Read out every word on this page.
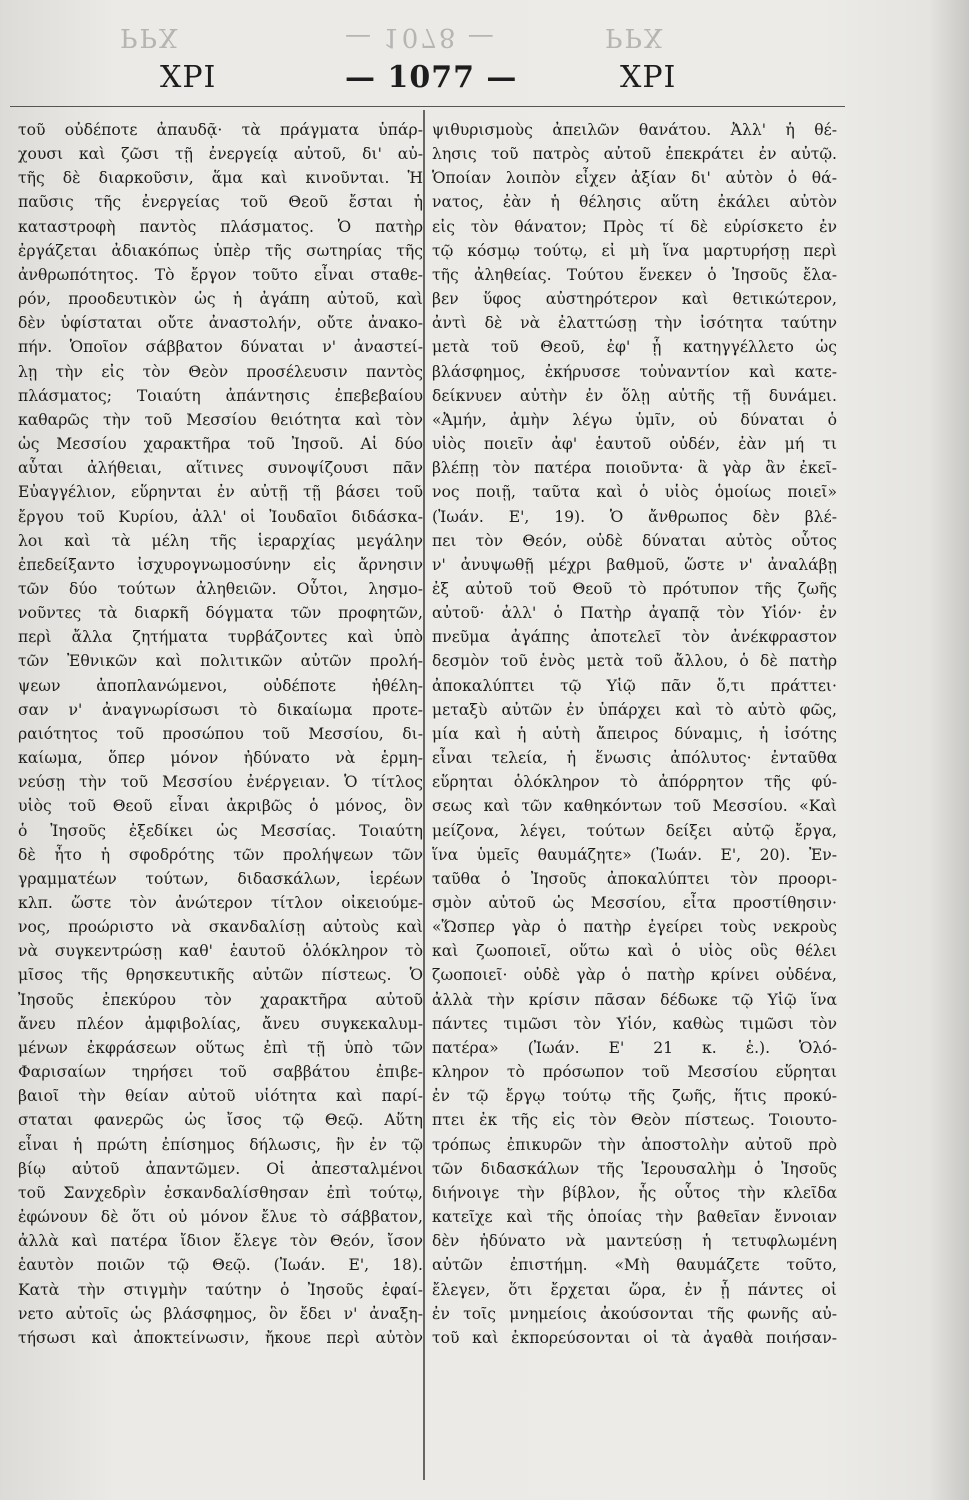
ΡΡΧ	— 1078 —	ΡΡΧ
ΧΡΙ	— 1077 —	ΧΡΙ
τοῦ οὐδέποτε ἀπαυδᾷ· τὰ πράγματα ὑπάρ-
χουσι καὶ ζῶσι τῇ ἐνεργείᾳ αὐτοῦ, δι' αὐ-
τῆς δὲ διαρκοῦσιν, ἅμα καὶ κινοῦνται. Ἡ
παῦσις τῆς ἐνεργείας τοῦ Θεοῦ ἔσται ἡ
καταστροφὴ παντὸς πλάσματος. Ὁ πατὴρ
ἐργάζεται ἀδιακόπως ὑπὲρ τῆς σωτηρίας τῆς
ἀνθρωπότητος. Τὸ ἔργον τοῦτο εἶναι σταθε-
ρόν, προοδευτικὸν ὡς ἡ ἀγάπη αὐτοῦ, καὶ
δὲν ὑφίσταται οὔτε ἀναστολήν, οὔτε ἀνακο-
πήν. Ὁποῖον σάββατον δύναται ν' ἀναστεί-
λῃ τὴν εἰς τὸν Θεὸν προσέλευσιν παντὸς
πλάσματος; Τοιαύτη ἀπάντησις ἐπεβεβαίου
καθαρῶς τὴν τοῦ Μεσσίου θειότητα καὶ τὸν
ὡς Μεσσίου χαρακτῆρα τοῦ Ἰησοῦ. Αἱ δύο
αὗται ἀλήθειαι, αἵτινες συνοψίζουσι πᾶν
Εὐαγγέλιον, εὕρηνται ἐν αὐτῇ τῇ βάσει τοῦ
ἔργου τοῦ Κυρίου, ἀλλ' οἱ Ἰουδαῖοι διδάσκα-
λοι καὶ τὰ μέλη τῆς ἱεραρχίας μεγάλην
ἐπεδείξαντο ἰσχυρογνωμοσύνην εἰς ἄρνησιν
τῶν δύο τούτων ἀληθειῶν. Οὗτοι, λησμο-
νοῦντες τὰ διαρκῆ δόγματα τῶν προφητῶν,
περὶ ἄλλα ζητήματα τυρβάζοντες καὶ ὑπὸ
τῶν Ἐθνικῶν καὶ πολιτικῶν αὐτῶν προλή-
ψεων ἀποπλανώμενοι, οὐδέποτε ἠθέλη-
σαν ν' ἀναγνωρίσωσι τὸ δικαίωμα προτε-
ραιότητος τοῦ προσώπου τοῦ Μεσσίου, δι-
καίωμα, ὅπερ μόνον ἠδύνατο νὰ ἑρμη-
νεύσῃ τὴν τοῦ Μεσσίου ἐνέργειαν. Ὁ τίτλος
υἱὸς τοῦ Θεοῦ εἶναι ἀκριβῶς ὁ μόνος, ὃν
ὁ Ἰησοῦς ἐξεδίκει ὡς Μεσσίας. Τοιαύτη
δὲ ἦτο ἡ σφοδρότης τῶν προλήψεων τῶν
γραμματέων τούτων, διδασκάλων, ἱερέων
κλπ. ὥστε τὸν ἀνώτερον τίτλον οἰκειούμε-
νος, προώριστο νὰ σκανδαλίσῃ αὐτοὺς καὶ
νὰ συγκεντρώσῃ καθ' ἑαυτοῦ ὁλόκληρον τὸ
μῖσος τῆς θρησκευτικῆς αὐτῶν πίστεως. Ὁ
Ἰησοῦς ἐπεκύρου τὸν χαρακτῆρα αὐτοῦ
ἄνευ πλέον ἀμφιβολίας, ἄνευ συγκεκαλυμ-
μένων ἐκφράσεων οὕτως ἐπὶ τῇ ὑπὸ τῶν
Φαρισαίων τηρήσει τοῦ σαββάτου ἐπιβε-
βαιοῖ τὴν θείαν αὐτοῦ υἱότητα καὶ παρί-
σταται φανερῶς ὡς ἴσος τῷ Θεῷ. Αὕτη
εἶναι ἡ πρώτη ἐπίσημος δήλωσις, ἣν ἐν τῷ
βίῳ αὐτοῦ ἀπαντῶμεν. Οἱ ἀπεσταλμένοι
τοῦ Σανχεδρὶν ἐσκανδαλίσθησαν ἐπὶ τούτῳ,
ἐφώνουν δὲ ὅτι οὐ μόνον ἔλυε τὸ σάββατον,
ἀλλὰ καὶ πατέρα ἴδιον ἔλεγε τὸν Θεόν, ἴσον
ἑαυτὸν ποιῶν τῷ Θεῷ. (Ἰωάν. Ε', 18).
Κατὰ τὴν στιγμὴν ταύτην ὁ Ἰησοῦς ἐφαί-
νετο αὐτοῖς ὡς βλάσφημος, ὃν ἔδει ν' ἀναξη-
τήσωσι καὶ ἀποκτείνωσιν, ἤκουε περὶ αὐτὸν
ψιθυρισμοὺς ἀπειλῶν θανάτου. Ἀλλ' ἡ θέ-
λησις τοῦ πατρὸς αὐτοῦ ἐπεκράτει ἐν αὐτῷ.
Ὁποίαν λοιπὸν εἶχεν ἀξίαν δι' αὐτὸν ὁ θά-
νατος, ἐὰν ἡ θέλησις αὕτη ἐκάλει αὐτὸν
εἰς τὸν θάνατον; Πρὸς τί δὲ εὑρίσκετο ἐν
τῷ κόσμῳ τούτῳ, εἰ μὴ ἵνα μαρτυρήσῃ περὶ
τῆς ἀληθείας. Τούτου ἕνεκεν ὁ Ἰησοῦς ἔλα-
βεν ὕφος αὐστηρότερον καὶ θετικώτερον,
ἀντὶ δὲ νὰ ἐλαττώσῃ τὴν ἰσότητα ταύτην
μετὰ τοῦ Θεοῦ, ἐφ' ᾗ κατηγγέλλετο ὡς
βλάσφημος, ἐκήρυσσε τοὐναντίον καὶ κατε-
δείκνυεν αὐτὴν ἐν ὅλῃ αὐτῆς τῇ δυνάμει.
«Ἀμήν, ἀμὴν λέγω ὑμῖν, οὐ δύναται ὁ
υἱὸς ποιεῖν ἀφ' ἑαυτοῦ οὐδέν, ἐὰν μή τι
βλέπῃ τὸν πατέρα ποιοῦντα· ἃ γὰρ ἂν ἐκεῖ-
νος ποιῇ, ταῦτα καὶ ὁ υἱὸς ὁμοίως ποιεῖ»
(Ἰωάν. Ε', 19). Ὁ ἄνθρωπος δὲν βλέ-
πει τὸν Θεόν, οὐδὲ δύναται αὐτὸς οὗτος
ν' ἀνυψωθῇ μέχρι βαθμοῦ, ὥστε ν' ἀναλάβῃ
ἐξ αὐτοῦ τοῦ Θεοῦ τὸ πρότυπον τῆς ζωῆς
αὐτοῦ· ἀλλ' ὁ Πατὴρ ἀγαπᾷ τὸν Υἱόν· ἐν
πνεῦμα ἀγάπης ἀποτελεῖ τὸν ἀνέκφραστον
δεσμὸν τοῦ ἑνὸς μετὰ τοῦ ἄλλου, ὁ δὲ πατὴρ
ἀποκαλύπτει τῷ Υἱῷ πᾶν ὅ,τι πράττει·
μεταξὺ αὐτῶν ἐν ὑπάρχει καὶ τὸ αὐτὸ φῶς,
μία καὶ ἡ αὐτὴ ἄπειρος δύναμις, ἡ ἰσότης
εἶναι τελεία, ἡ ἕνωσις ἀπόλυτος· ἐνταῦθα
εὕρηται ὁλόκληρον τὸ ἀπόρρητον τῆς φύ-
σεως καὶ τῶν καθηκόντων τοῦ Μεσσίου. «Καὶ
μείζονα, λέγει, τούτων δείξει αὐτῷ ἔργα,
ἵνα ὑμεῖς θαυμάζητε» (Ἰωάν. Ε', 20). Ἐν-
ταῦθα ὁ Ἰησοῦς ἀποκαλύπτει τὸν προορι-
σμὸν αὐτοῦ ὡς Μεσσίου, εἶτα προστίθησιν·
«Ὥσπερ γὰρ ὁ πατὴρ ἐγείρει τοὺς νεκροὺς
καὶ ζωοποιεῖ, οὕτω καὶ ὁ υἱὸς οὓς θέλει
ζωοποιεῖ· οὐδὲ γὰρ ὁ πατὴρ κρίνει οὐδένα,
ἀλλὰ τὴν κρίσιν πᾶσαν δέδωκε τῷ Υἱῷ ἵνα
πάντες τιμῶσι τὸν Υἱόν, καθὼς τιμῶσι τὸν
πατέρα» (Ἰωάν. Ε' 21 κ. ἑ.). Ὁλό-
κληρον τὸ πρόσωπον τοῦ Μεσσίου εὕρηται
ἐν τῷ ἔργῳ τούτῳ τῆς ζωῆς, ἥτις προκύ-
πτει ἐκ τῆς εἰς τὸν Θεὸν πίστεως. Τοιουτο-
τρόπως ἐπικυρῶν τὴν ἀποστολὴν αὐτοῦ πρὸ
τῶν διδασκάλων τῆς Ἱερουσαλὴμ ὁ Ἰησοῦς
διήνοιγε τὴν βίβλον, ἧς οὗτος τὴν κλεῖδα
κατεῖχε καὶ τῆς ὁποίας τὴν βαθεῖαν ἔννοιαν
δὲν ἠδύνατο νὰ μαντεύσῃ ἡ τετυφλωμένη
αὐτῶν ἐπιστήμη. «Μὴ θαυμάζετε τοῦτο,
ἔλεγεν, ὅτι ἔρχεται ὥρα, ἐν ᾗ πάντες οἱ
ἐν τοῖς μνημείοις ἀκούσονται τῆς φωνῆς αὐ-
τοῦ καὶ ἐκπορεύσονται οἱ τὰ ἀγαθὰ ποιήσαν-
